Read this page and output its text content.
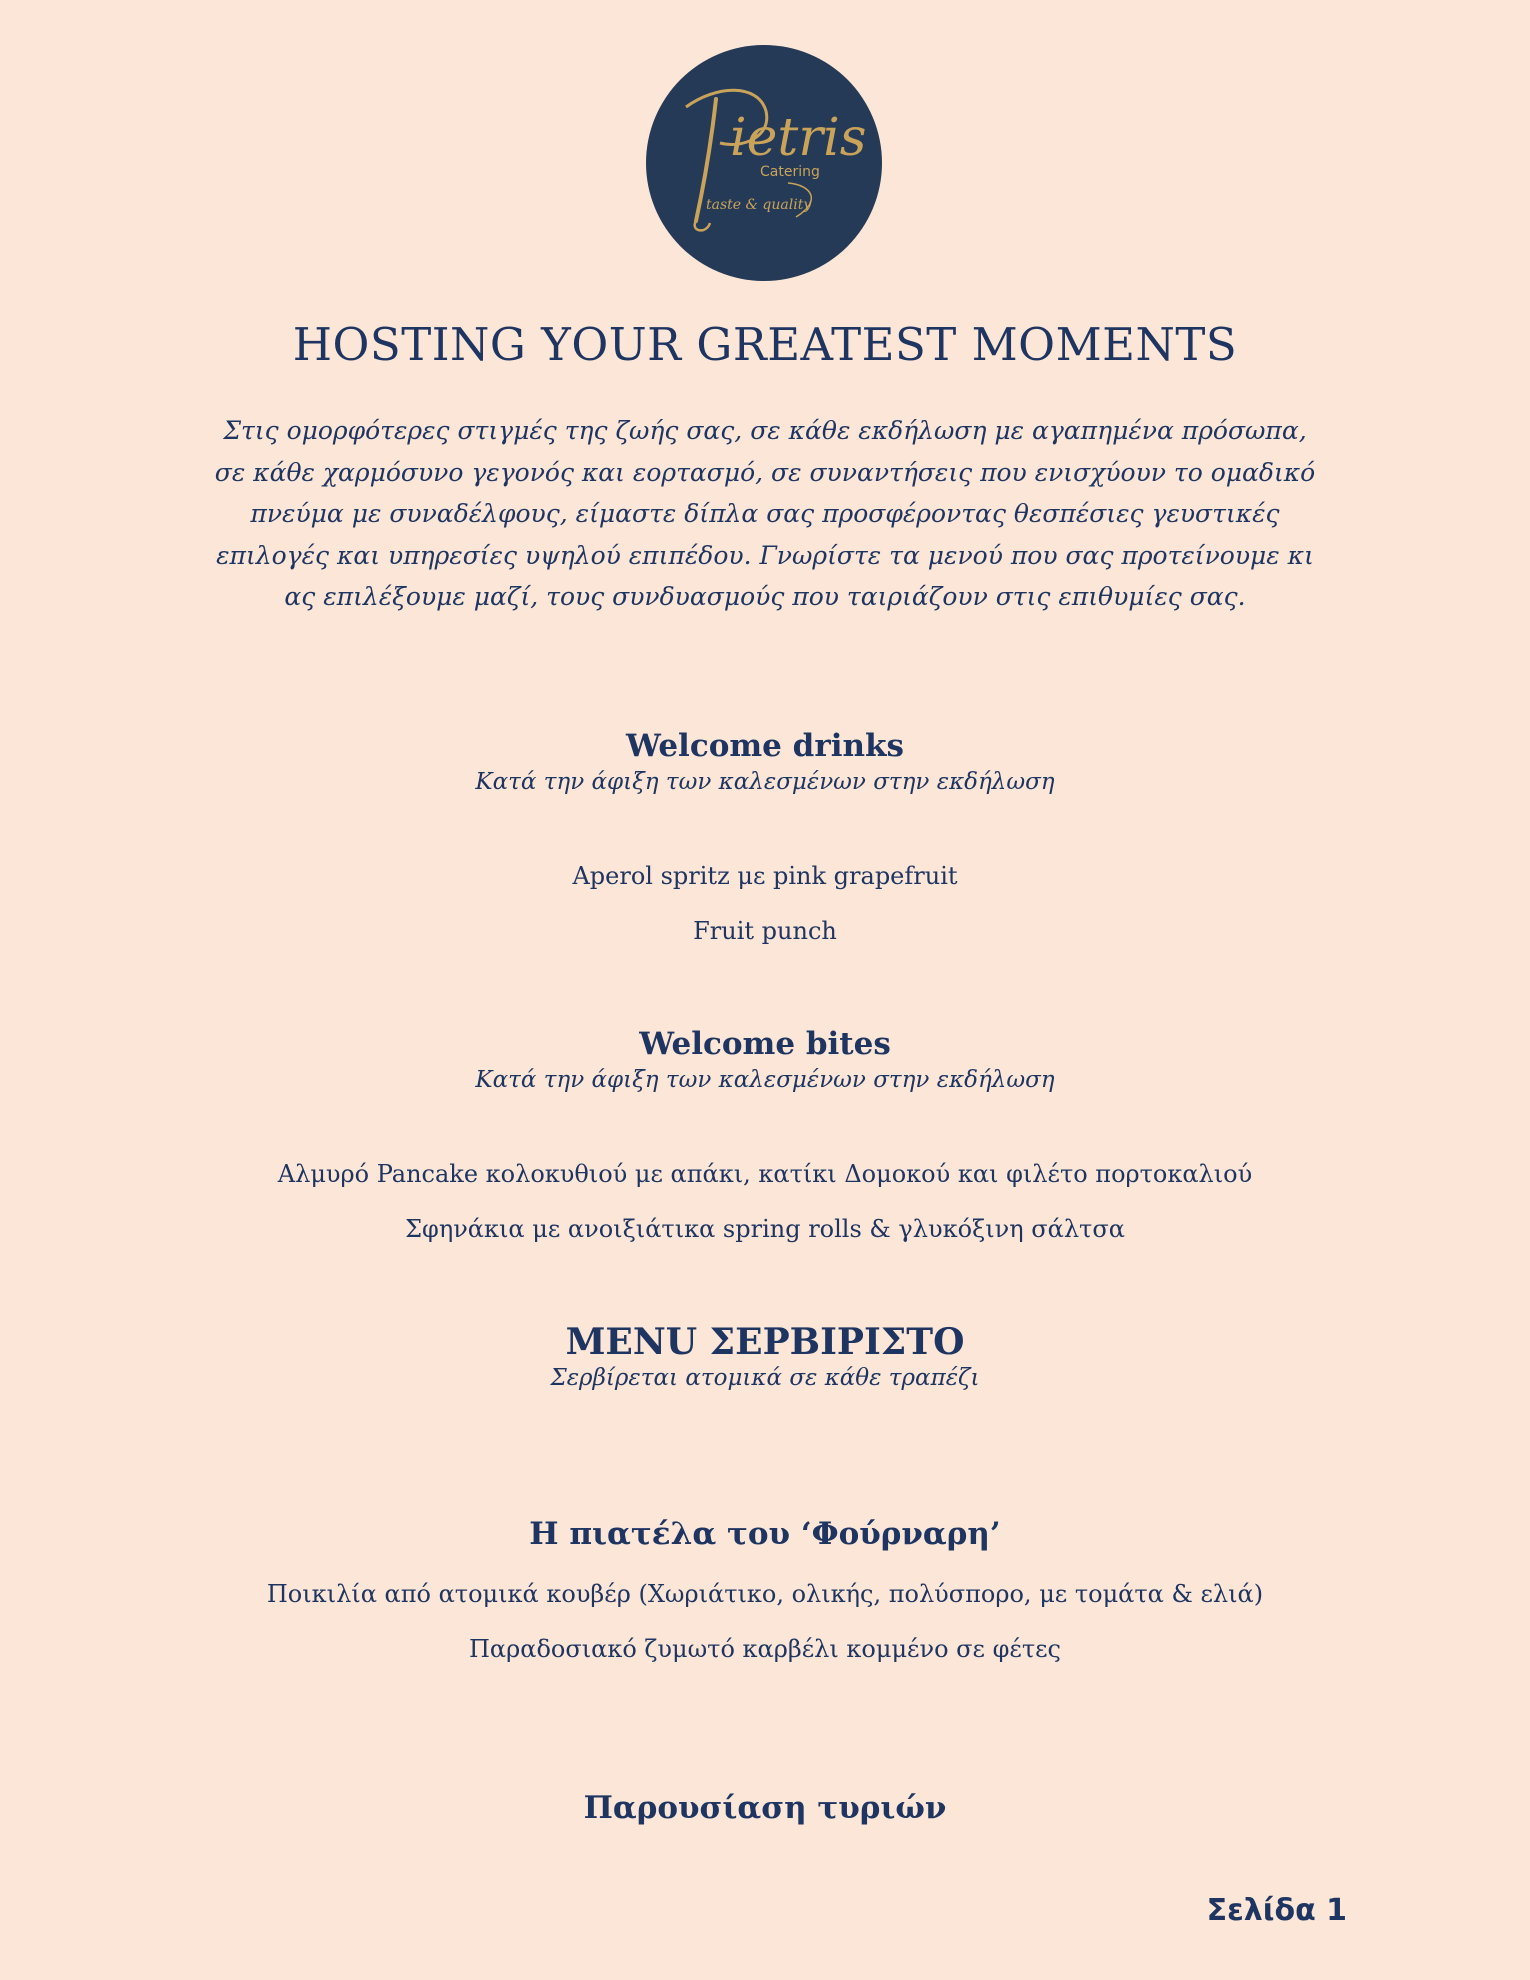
ietris
Catering
taste & quality
HOSTING YOUR GREATEST MOMENTS

Στις ομορφότερες στιγμές της ζωής σας, σε κάθε εκδήλωση με αγαπημένα πρόσωπα,

σε κάθε χαρμόσυνο γεγονός και εορτασμό, σε συναντήσεις που ενισχύουν το ομαδικό

πνεύμα με συναδέλφους, είμαστε δίπλα σας προσφέροντας θεσπέσιες γευστικές

επιλογές και υπηρεσίες υψηλού επιπέδου. Γνωρίστε τα μενού που σας προτείνουμε κι

ας επιλέξουμε μαζί, τους συνδυασμούς που ταιριάζουν στις επιθυμίες σας.

Welcome drinks

Κατά την άφιξη των καλεσμένων στην εκδήλωση

Aperol spritz με pink grapefruit
Fruit punch
Welcome bites

Κατά την άφιξη των καλεσμένων στην εκδήλωση

Αλμυρό Pancake κολοκυθιού με απάκι, κατίκι Δομοκού και φιλέτο πορτοκαλιού
Σφηνάκια με ανοιξιάτικα spring rolls & γλυκόξινη σάλτσα
ΜΕΝU ΣΕΡΒΙΡΙΣΤΟ

Σερβίρεται ατομικά σε κάθε τραπέζι

Η πιατέλα του ‘Φούρναρη’
Ποικιλία από ατομικά κουβέρ (Χωριάτικο, ολικής, πολύσπορο, με τομάτα & ελιά)
Παραδοσιακό ζυμωτό καρβέλι κομμένο σε φέτες
Παρουσίαση τυριών
Σελίδα 1
